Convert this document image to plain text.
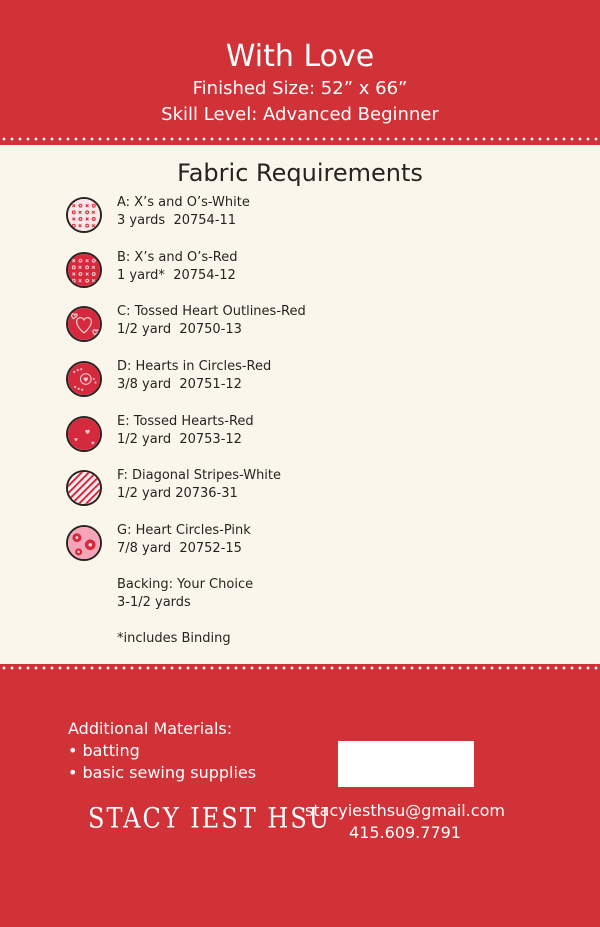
With Love
Finished Size: 52” x 66”
Skill Level: Advanced Beginner
Fabric Requirements
A: X’s and O’s-White
3 yards  20754-11
B: X’s and O’s-Red
1 yard*  20754-12
C: Tossed Heart Outlines-Red
1/2 yard  20750-13
D: Hearts in Circles-Red
3/8 yard  20751-12
E: Tossed Hearts-Red
1/2 yard  20753-12
F: Diagonal Stripes-White
1/2 yard 20736-31
G: Heart Circles-Pink
7/8 yard  20752-15
Backing: Your Choice
3-1/2 yards
*includes Binding
Additional Materials:
• batting
• basic sewing supplies
STACY IEST HSU
stacyiesthsu@gmail.com
415.609.7791
